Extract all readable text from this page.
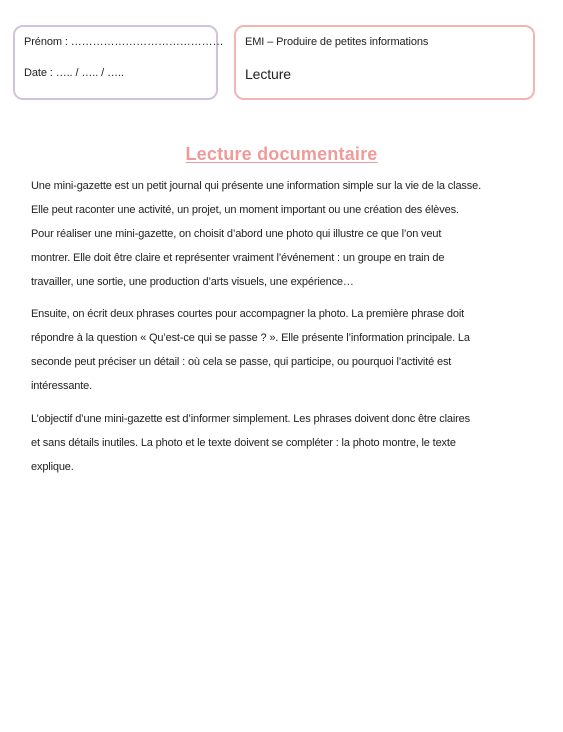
Prénom : ……………………………………
Date : ….. / ….. / …..
EMI – Produire de petites informations
Lecture
Lecture documentaire

Une mini-gazette est un petit journal qui présente une information simple sur la vie de la classe.
Elle peut raconter une activité, un projet, un moment important ou une création des élèves.
Pour réaliser une mini-gazette, on choisit d’abord une photo qui illustre ce que l’on veut
montrer. Elle doit être claire et représenter vraiment l’événement : un groupe en train de
travailler, une sortie, une production d’arts visuels, une expérience…

Ensuite, on écrit deux phrases courtes pour accompagner la photo. La première phrase doit
répondre à la question « Qu’est-ce qui se passe ? ». Elle présente l’information principale. La
seconde peut préciser un détail : où cela se passe, qui participe, ou pourquoi l’activité est
intéressante.

L’objectif d’une mini-gazette est d’informer simplement. Les phrases doivent donc être claires
et sans détails inutiles. La photo et le texte doivent se compléter : la photo montre, le texte
explique.
